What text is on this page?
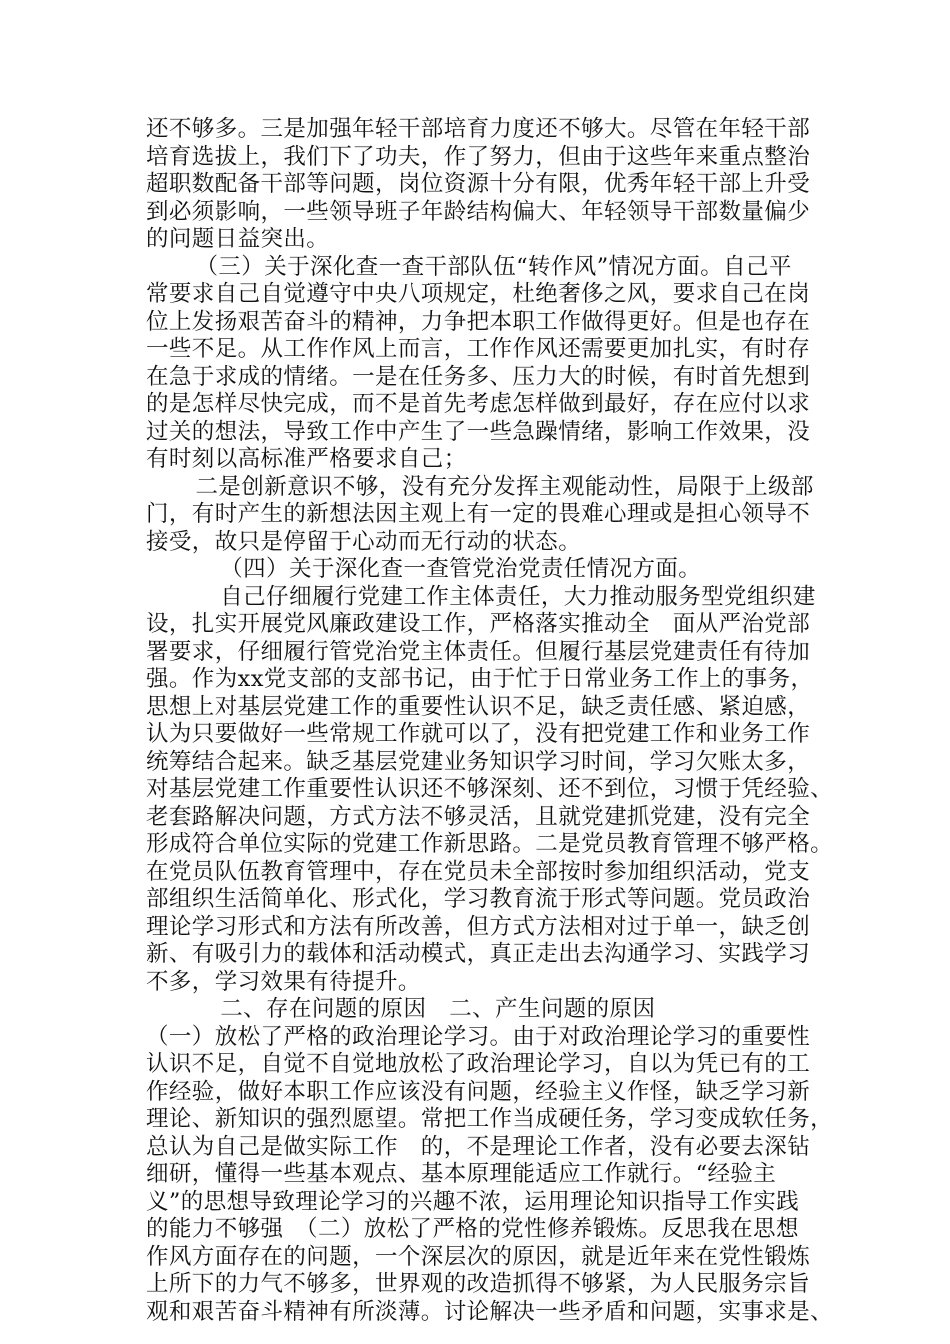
还不够多。三是加强年轻干部培育力度还不够大。尽管在年轻干部
培育选拔上，我们下了功夫，作了努力，但由于这些年来重点整治
超职数配备干部等问题，岗位资源十分有限，优秀年轻干部上升受
到必须影响，一些领导班子年龄结构偏大、年轻领导干部数量偏少
的问题日益突出。
（三）关于深化查一查干部队伍“转作风”情况方面。自己平
常要求自己自觉遵守中央八项规定，杜绝奢侈之风，要求自己在岗
位上发扬艰苦奋斗的精神，力争把本职工作做得更好。但是也存在
一些不足。从工作作风上而言，工作作风还需要更加扎实，有时存
在急于求成的情绪。一是在任务多、压力大的时候，有时首先想到
的是怎样尽快完成，而不是首先考虑怎样做到最好，存在应付以求
过关的想法，导致工作中产生了一些急躁情绪，影响工作效果，没
有时刻以高标准严格要求自己；
二是创新意识不够，没有充分发挥主观能动性，局限于上级部
门，有时产生的新想法因主观上有一定的畏难心理或是担心领导不
接受，故只是停留于心动而无行动的状态。
（四）关于深化查一查管党治党责任情况方面。
自己仔细履行党建工作主体责任，大力推动服务型党组织建
设，扎实开展党风廉政建设工作，严格落实推动全　面从严治党部
署要求，仔细履行管党治党主体责任。但履行基层党建责任有待加
强。作为xx党支部的支部书记，由于忙于日常业务工作上的事务，
思想上对基层党建工作的重要性认识不足，缺乏责任感、紧迫感，
认为只要做好一些常规工作就可以了，没有把党建工作和业务工作
统筹结合起来。缺乏基层党建业务知识学习时间，学习欠账太多，
对基层党建工作重要性认识还不够深刻、还不到位，习惯于凭经验、
老套路解决问题，方式方法不够灵活，且就党建抓党建，没有完全
形成符合单位实际的党建工作新思路。二是党员教育管理不够严格。
在党员队伍教育管理中，存在党员未全部按时参加组织活动，党支
部组织生活简单化、形式化，学习教育流于形式等问题。党员政治
理论学习形式和方法有所改善，但方式方法相对过于单一，缺乏创
新、有吸引力的载体和活动模式，真正走出去沟通学习、实践学习
不多，学习效果有待提升。
二、存在问题的原因　二、产生问题的原因
（一）放松了严格的政治理论学习。由于对政治理论学习的重要性
认识不足，自觉不自觉地放松了政治理论学习，自以为凭已有的工
作经验，做好本职工作应该没有问题，经验主义作怪，缺乏学习新
理论、新知识的强烈愿望。常把工作当成硬任务，学习变成软任务，
总认为自己是做实际工作　的，不是理论工作者，没有必要去深钻
细研，懂得一些基本观点、基本原理能适应工作就行。“经验主
义”的思想导致理论学习的兴趣不浓，运用理论知识指导工作实践
的能力不够强　（二）放松了严格的党性修养锻炼。反思我在思想
作风方面存在的问题，一个深层次的原因，就是近年来在党性锻炼
上所下的力气不够多，世界观的改造抓得不够紧，为人民服务宗旨
观和艰苦奋斗精神有所淡薄。讨论解决一些矛盾和问题，实事求是、
